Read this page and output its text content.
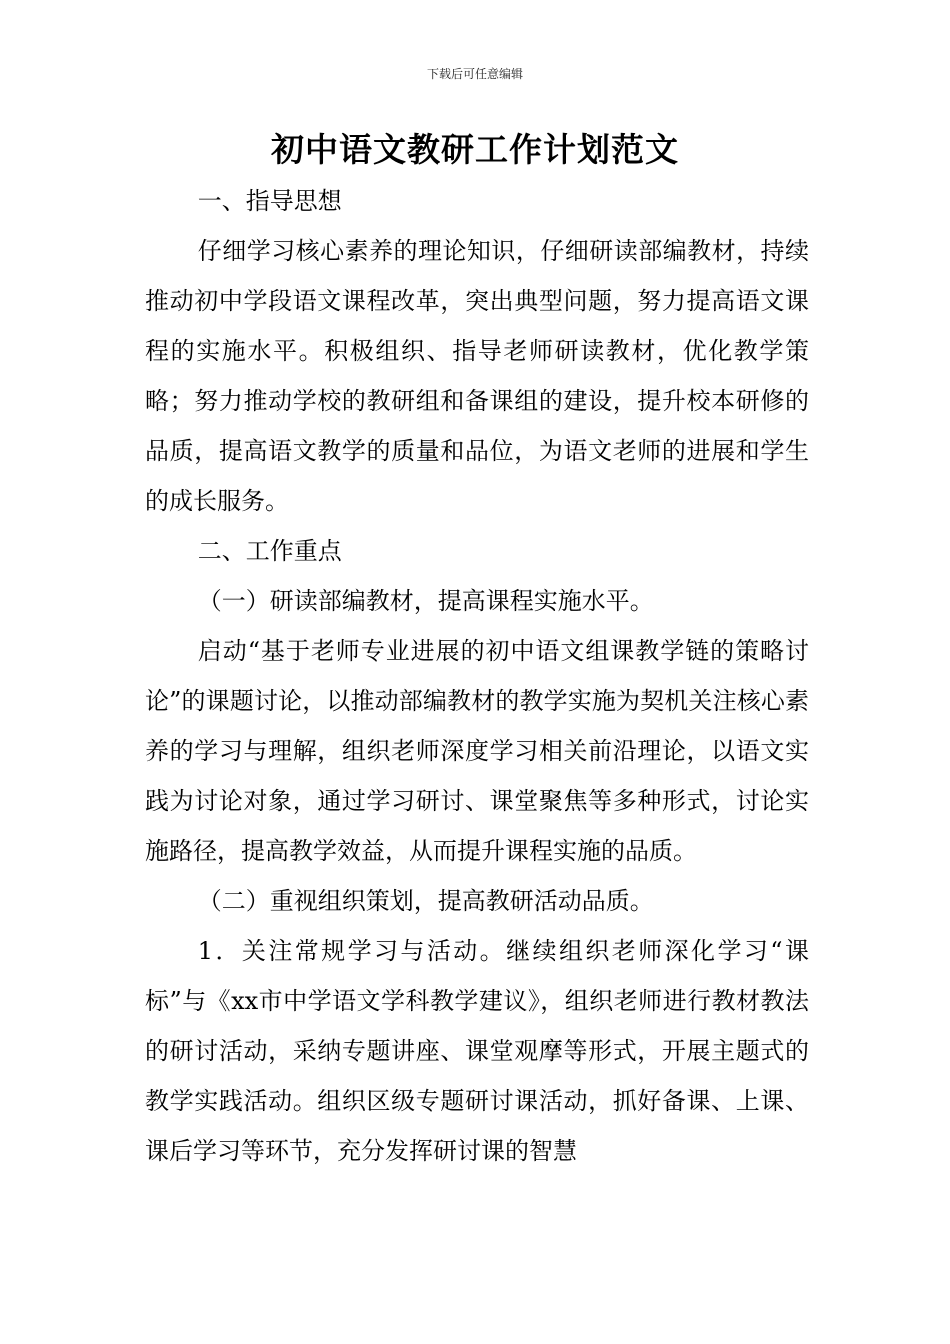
下载后可任意编辑
初中语文教研工作计划范文

一、指导思想

仔细学习核心素养的理论知识，仔细研读部编教材，持续推动初中学段语文课程改革，突出典型问题，努力提高语文课程的实施水平。积极组织、指导老师研读教材，优化教学策略；努力推动学校的教研组和备课组的建设，提升校本研修的品质，提高语文教学的质量和品位，为语文老师的进展和学生的成长服务。

二、工作重点

（一）研读部编教材，提高课程实施水平。

启动“基于老师专业进展的初中语文组课教学链的策略讨论”的课题讨论，以推动部编教材的教学实施为契机关注核心素养的学习与理解，组织老师深度学习相关前沿理论，以语文实践为讨论对象，通过学习研讨、课堂聚焦等多种形式，讨论实施路径，提高教学效益，从而提升课程实施的品质。

（二）重视组织策划，提高教研活动品质。

1．关注常规学习与活动。继续组织老师深化学习“课标”与《xx市中学语文学科教学建议》，组织老师进行教材教法的研讨活动，采纳专题讲座、课堂观摩等形式，开展主题式的教学实践活动。组织区级专题研讨课活动，抓好备课、上课、课后学习等环节，充分发挥研讨课的智慧
